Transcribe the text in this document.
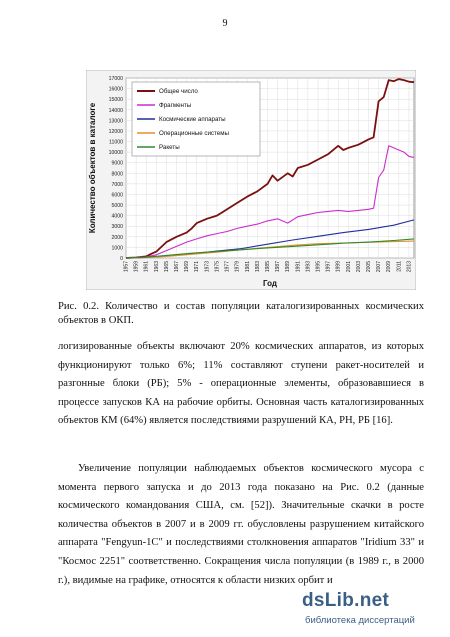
9
0
1000
2000
3000
4000
5000
6000
7000
8000
9000
10000
11000
12000
13000
14000
15000
16000
17000
1957 1959 1961 1963 1965 1967 1969 1971 1973 1975 1977 1979 1981 1983 1985 1987 1989 1991 1993 1995 1997 1999 2001 2003 2005 2007 2009 2011 2013
Общее число
Фрагменты
Космические аппараты
Операционные системы
Ракеты
Количество объектов в каталоге
Год
Рис. 0.2. Количество и состав популяции каталогизированных космических объектов в ОКП.

логизированные объекты включают 20% космических аппаратов, из которых функционируют только 6%; 11% составляют ступени ракет-носителей и разгонные блоки (РБ); 5% - операционные элементы, образовавшиеся в процессе запусков КА на рабочие орбиты. Основная часть каталогизированных объектов КМ (64%) является последствиями разрушений КА, РН, РБ [16].

Увеличение популяции наблюдаемых объектов космического мусора с момента первого запуска и до 2013 года показано на Рис. 0.2 (данные космического командования США, см. [52]). Значительные скачки в росте количества объектов в 2007 и в 2009 гг. обусловлены разрушением китайского аппарата "Fengyun-1C" и последствиями столкновения аппаратов "Iridium 33" и "Космос 2251" соответственно. Сокращения числа популяции (в 1989 г., в 2000 г.), видимые на графике, относятся к области низких орбит и

dsLib.net
библиотека диссертаций
